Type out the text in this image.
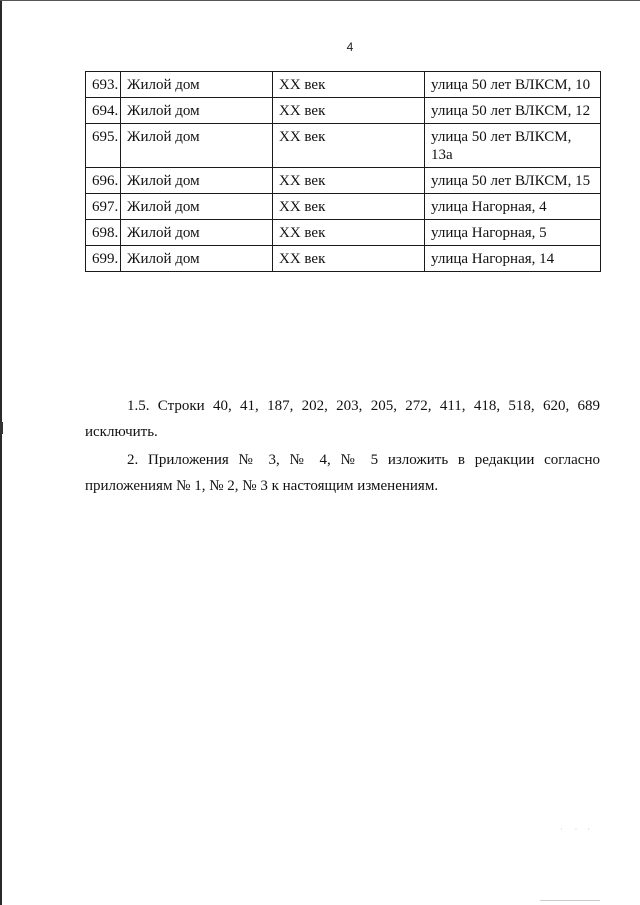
4
693.	Жилой дом	XX век	улица 50 лет ВЛКСМ, 10
694.	Жилой дом	XX век	улица 50 лет ВЛКСМ, 12
695.	Жилой дом	XX век	улица 50 лет ВЛКСМ, 13а
696.	Жилой дом	XX век	улица 50 лет ВЛКСМ, 15
697.	Жилой дом	XX век	улица Нагорная, 4
698.	Жилой дом	XX век	улица Нагорная, 5
699.	Жилой дом	XX век	улица Нагорная, 14

1.5. Строки 40, 41, 187, 202, 203, 205, 272, 411, 418, 518, 620, 689 исключить.

2. Приложения № 3, № 4, № 5 изложить в редакции согласно приложениям № 1, № 2, № 3 к настоящим изменениям.

·      ·     ·
